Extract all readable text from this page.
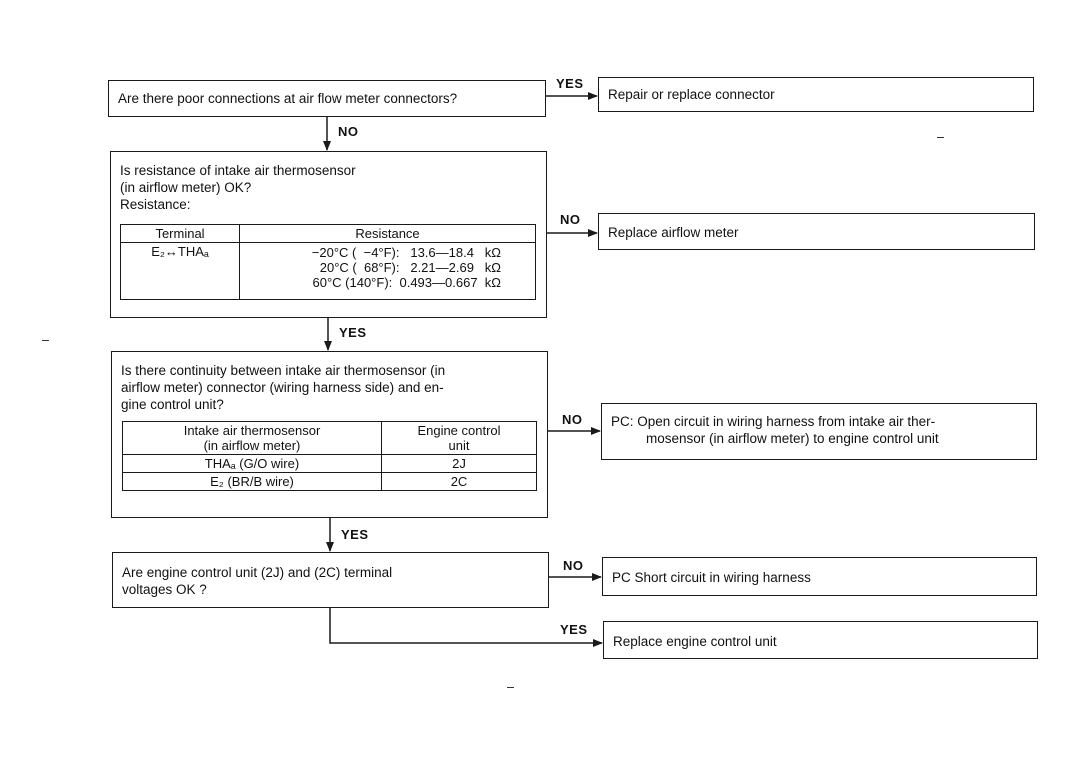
Are there poor connections at air flow meter connectors?
YES
NO
Repair or replace connector
Is resistance of intake air thermosensor
(in airflow meter) OK?
Resistance:
Terminal	Resistance
E₂↔THAₐ	−20°C (  −4°F):   13.6—18.4   kΩ
20°C (  68°F):   2.21—2.69   kΩ
60°C (140°F):  0.493—0.667  kΩ
NO
Replace airflow meter
YES
Is there continuity between intake air thermosensor (in
airflow meter) connector (wiring harness side) and en-
gine control unit?
Intake air thermosensor
(in airflow meter)	Engine control
unit

THAₐ (G/O wire)	2J
E₂ (BR/B wire)	2C
NO PC: Open circuit in wiring harness from intake air ther-
mosensor (in airflow meter) to engine control unit
YES
Are engine control unit (2J) and (2C) terminal
voltages OK ?
NO
PC Short circuit in wiring harness
YES
Replace engine control unit
